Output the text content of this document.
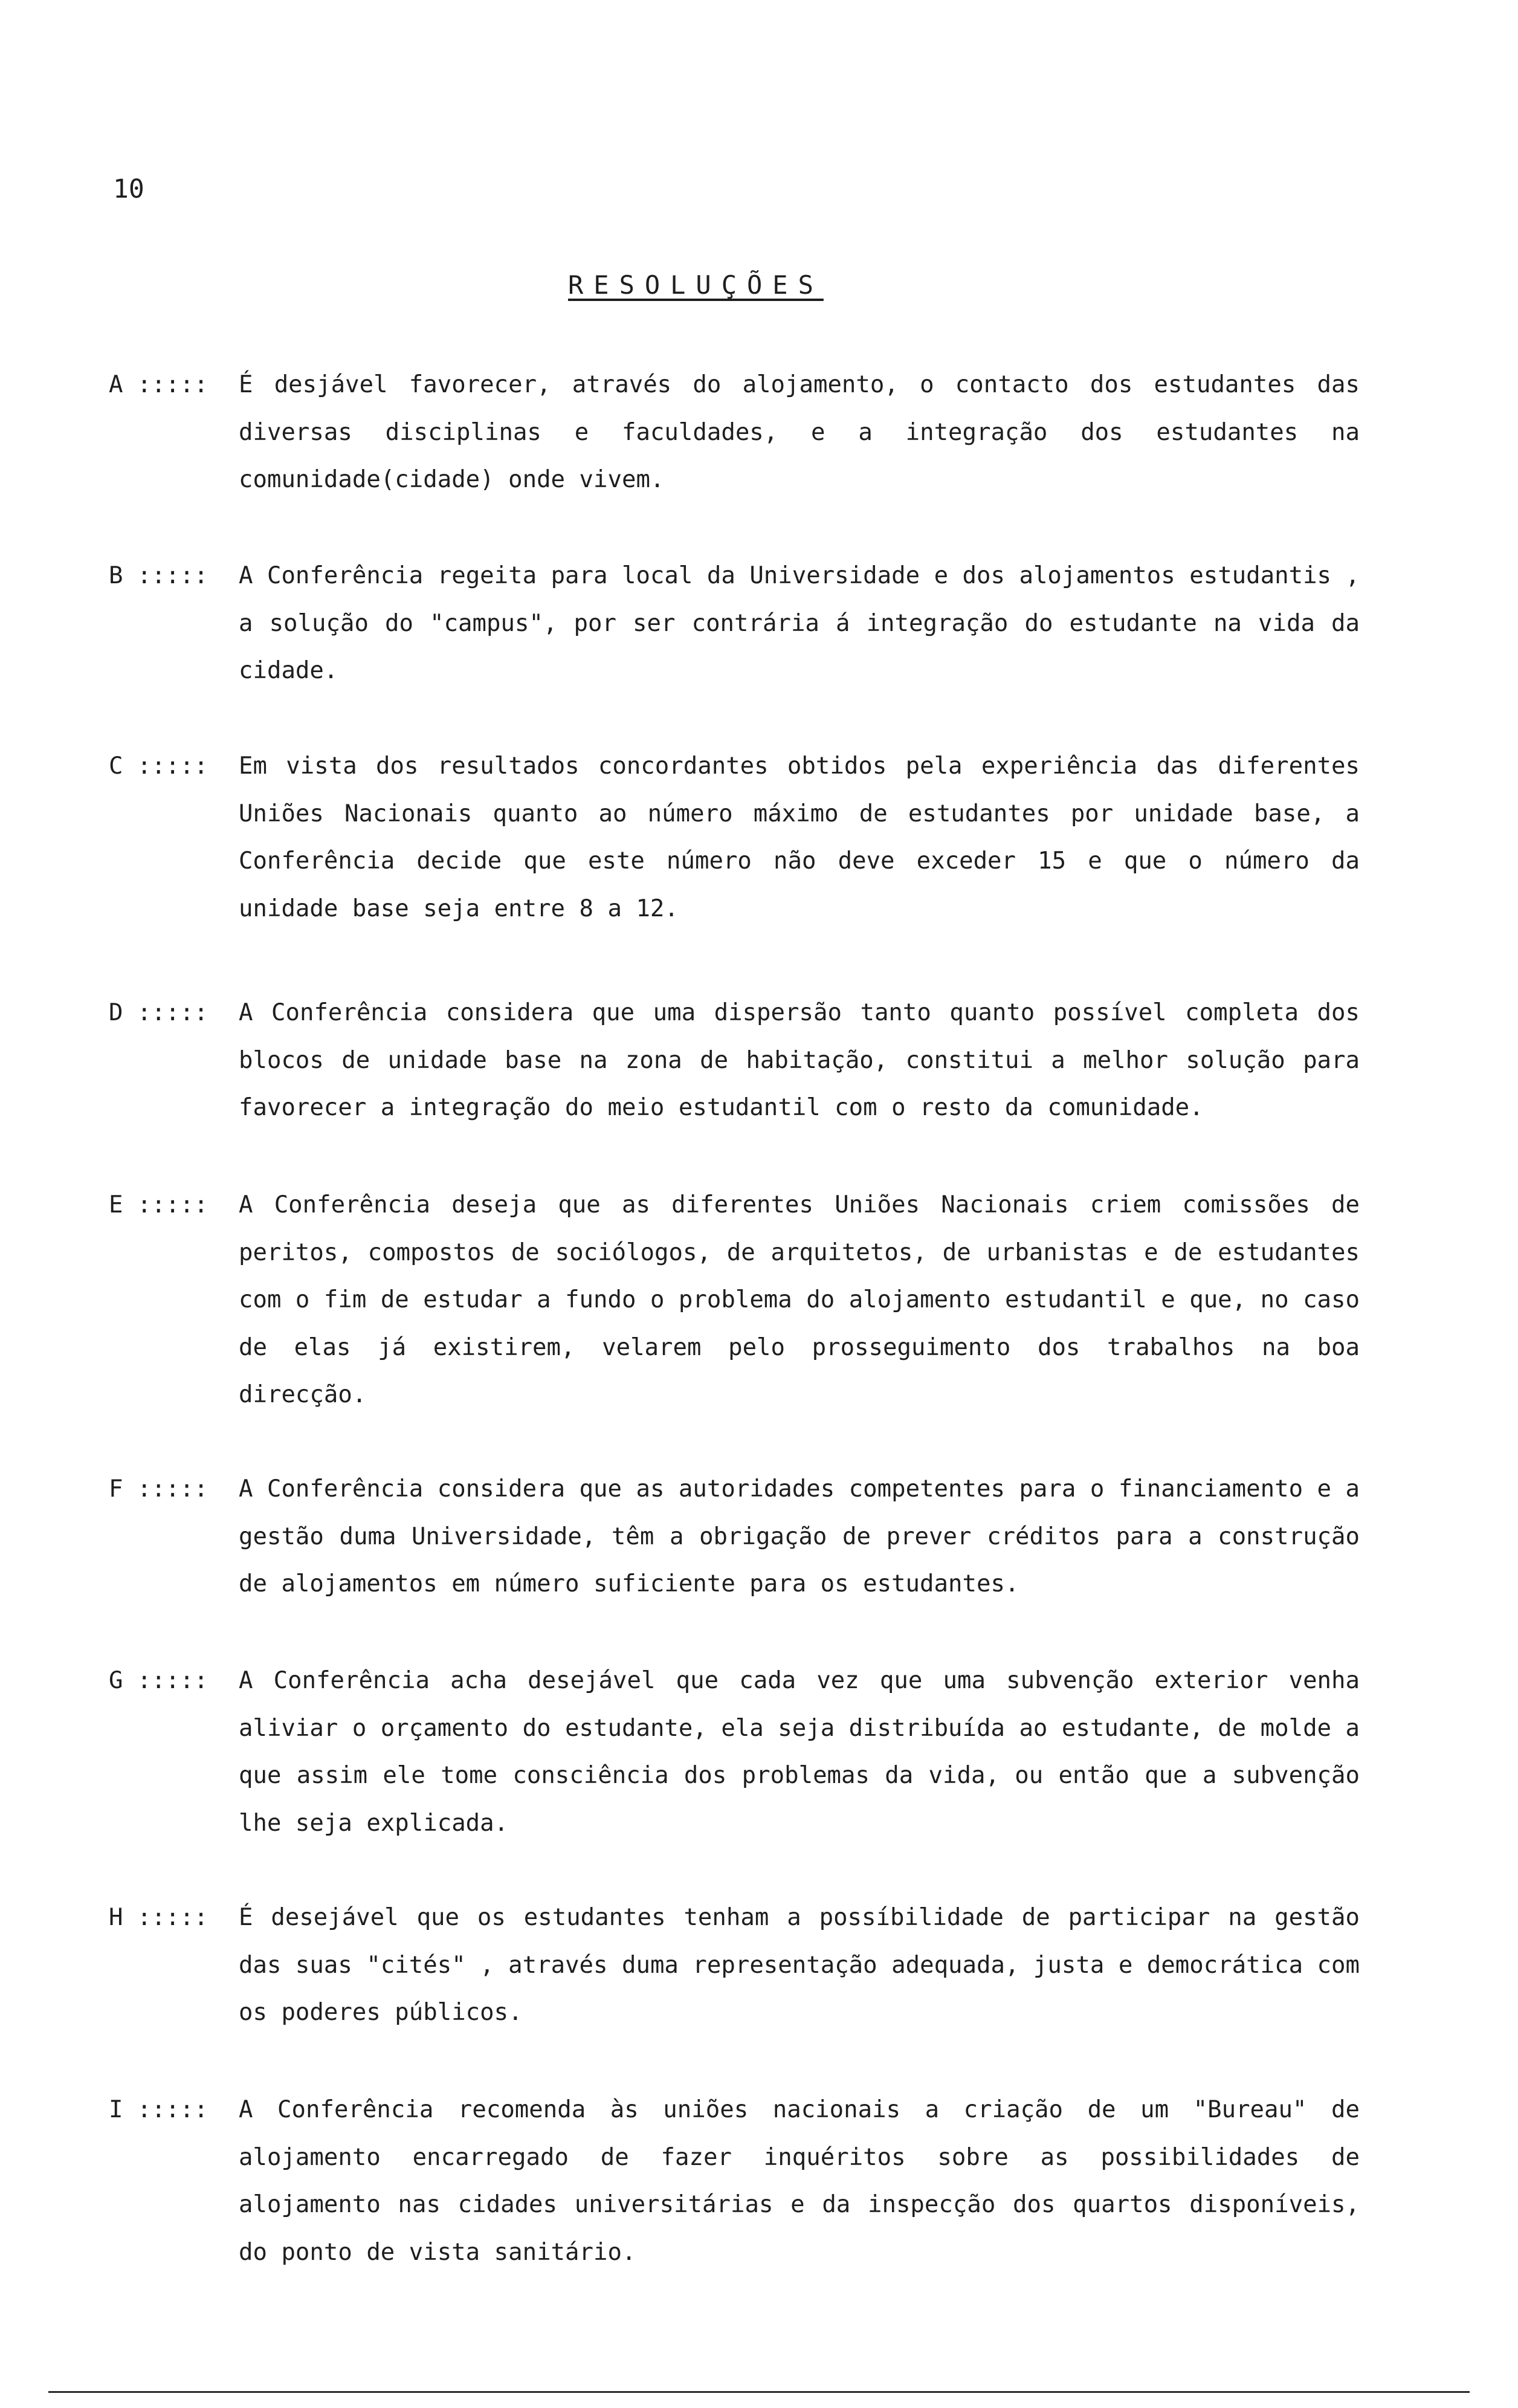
10
RESOLUÇÕES
A ::::: É desjável favorecer, através do alojamento, o contacto dos estudantes das diversas disciplinas e faculdades, e a integração dos estudantes na comunidade(cidade) onde vivem.
B ::::: A Conferência regeita para local da Universidade e dos alojamentos estudantis , a solução do "campus", por ser contrária á integração do estudante na vida da cidade.
C ::::: Em vista dos resultados concordantes obtidos pela experiência das diferentes Uniões Nacionais quanto ao número máximo de estudantes por unidade base, a Conferência decide que este número não deve exceder 15 e que o número da unidade base seja entre 8 a 12.
D ::::: A Conferência considera que uma dispersão tanto quanto possível completa dos blocos de unidade base na zona de habitação, constitui a melhor solução para favorecer a integração do meio estudantil com o resto da comunidade.
E ::::: A Conferência deseja que as diferentes Uniões Nacionais criem comissões de peritos, compostos de sociólogos, de arquitetos, de urbanistas e de estudantes com o fim de estudar a fundo o problema do alojamento estudantil e que, no caso de elas já existirem, velarem pelo prosseguimento dos trabalhos na boa direcção.
F ::::: A Conferência considera que as autoridades competentes para o financiamento e a gestão duma Universidade, têm a obrigação de prever créditos para a construção de alojamentos em número suficiente para os estudantes.
G ::::: A Conferência acha desejável que cada vez que uma subvenção exterior venha aliviar o orçamento do estudante, ela seja distribuída ao estudante, de molde a que assim ele tome consciência dos problemas da vida, ou então que a subvenção lhe seja explicada.
H ::::: É desejável que os estudantes tenham a possíbilidade de participar na gestão das suas "cités" , através duma representação adequada, justa e democrática com os poderes públicos.
I ::::: A Conferência recomenda às uniões nacionais a criação de um "Bureau" de alojamento encarregado de fazer inquéritos sobre as possibilidades de alojamento nas cidades universitárias e da inspecção dos quartos disponíveis, do ponto de vista sanitário.
